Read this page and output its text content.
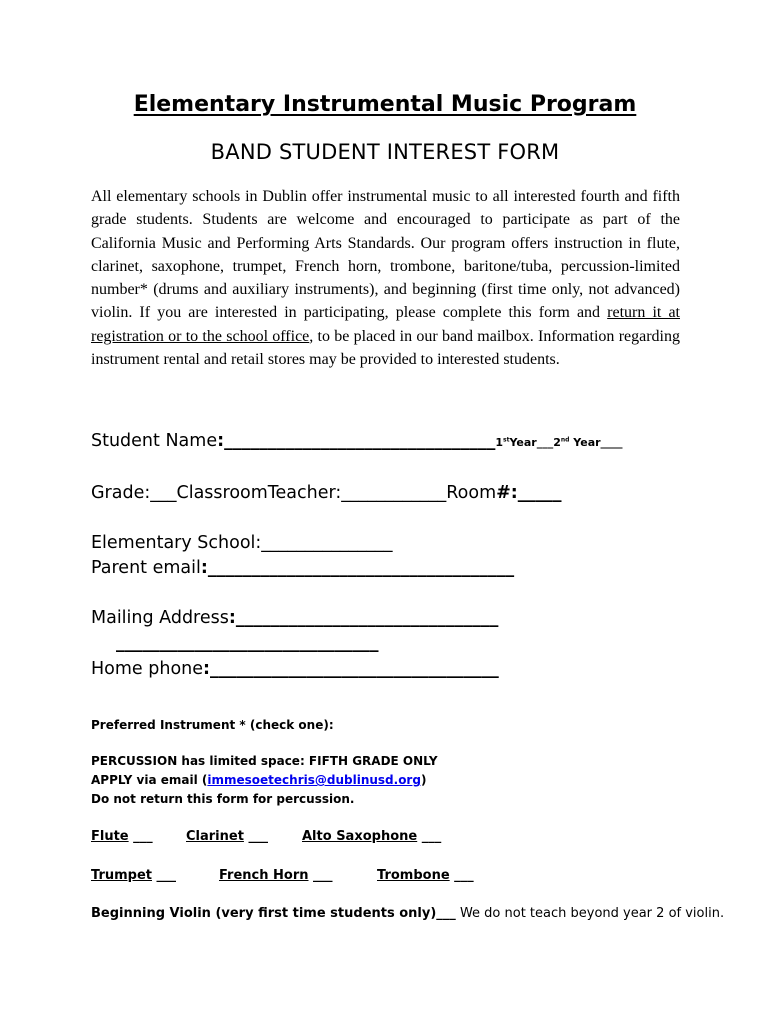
Elementary Instrumental Music Program
BAND STUDENT INTEREST FORM

All elementary schools in Dublin offer instrumental music to all interested fourth and fifth grade students. Students are welcome and encouraged to participate as part of the California Music and Performing Arts Standards. Our program offers instruction in flute, clarinet, saxophone, trumpet, French horn, trombone, baritone/tuba, percussion-limited number* (drums and auxiliary instruments), and beginning (first time only, not advanced) violin. If you are interested in participating, please complete this form and return it at registration or to the school office, to be placed in our band mailbox. Information regarding instrument rental and retail stores may be provided to interested students.

Student Name:_______________________________1stYear___2nd Year____
Grade:___ClassroomTeacher:____________Room#:_____
Elementary School:_______________
Parent email:___________________________________
Mailing Address:______________________________
______________________________
Home phone:_________________________________
Preferred Instrument * (check one):
PERCUSSION has limited space: FIFTH GRADE ONLY
APPLY via email (immesoetechris@dublinusd.org)
Do not return this form for percussion.
Flute ___	Clarinet ___	Alto Saxophone ___
Trumpet ___	French Horn ___	Trombone ___
Beginning Violin (very first time students only)___ We do not teach beyond year 2 of violin.
